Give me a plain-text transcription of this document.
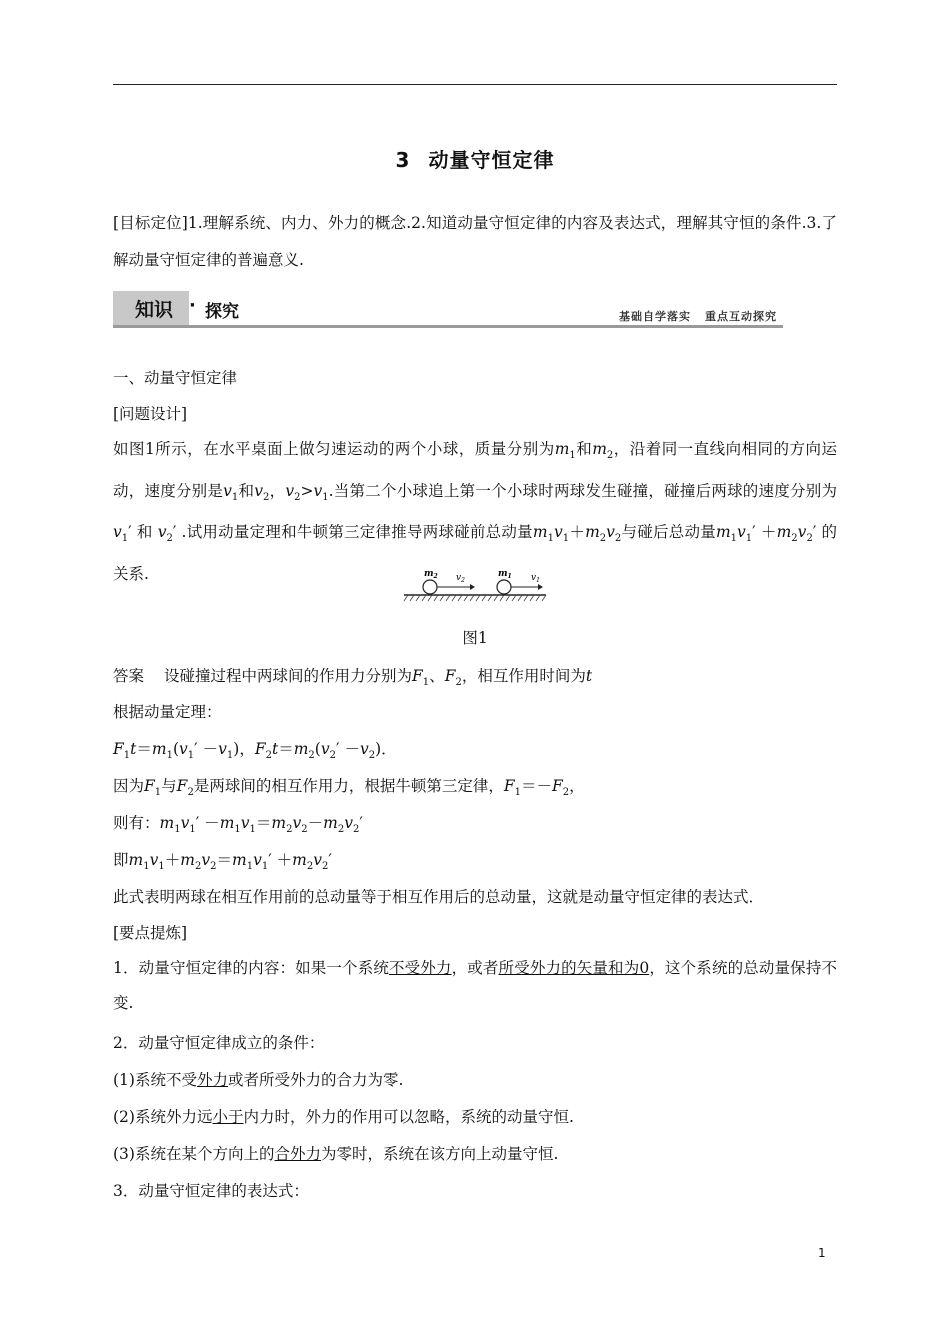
3 动量守恒定律
[目标定位]1.理解系统、内力、外力的概念.2.知道动量守恒定律的内容及表达式，理解其守恒的条件.3.了解动量守恒定律的普遍意义.
知识 · 探究	基础自学落实 重点互动探究
一、动量守恒定律
[问题设计]
如图1所示，在水平桌面上做匀速运动的两个小球，质量分别为$m_1$和$m_2$，沿着同一直线向相同的方向运动，速度分别是$v_1$和$v_2$，$v_2>v_1$.当第二个小球追上第一个小球时两球发生碰撞，碰撞后两球的速度分别为$v_1'$ 和 $v_2'$ .试用动量定理和牛顿第三定律推导两球碰前总动量$m_1v_1+m_2v_2$与碰后总动量$m_1v_1' +m_2v_2'$ 的关系.	$m_2$ $v_2$
$m_1$ $v_1$
图1
答案 设碰撞过程中两球间的作用力分别为$F_1$、$F_2$，相互作用时间为t
根据动量定理：
$F_1t=m_1(v_1' -v_1)$，$F_2t=m_2(v_2' -v_2)$．
因为$F_1$与$F_2$是两球间的相互作用力，根据牛顿第三定律，$F_1=-F_2$，
则有：$m_1v_1' -m_1v_1=m_2v_2-m_2v_2'$
即$m_1v_1+m_2v_2=m_1v_1' +m_2v_2'$
此式表明两球在相互作用前的总动量等于相互作用后的总动量，这就是动量守恒定律的表达式．
[要点提炼]
1．动量守恒定律的内容：如果一个系统不受外力，或者所受外力的矢量和为0，这个系统的总动量保持不变.
2．动量守恒定律成立的条件：
(1)系统不受外力或者所受外力的合力为零.
(2)系统外力远小于内力时，外力的作用可以忽略，系统的动量守恒.
(3)系统在某个方向上的合外力为零时，系统在该方向上动量守恒.
3．动量守恒定律的表达式：
1
